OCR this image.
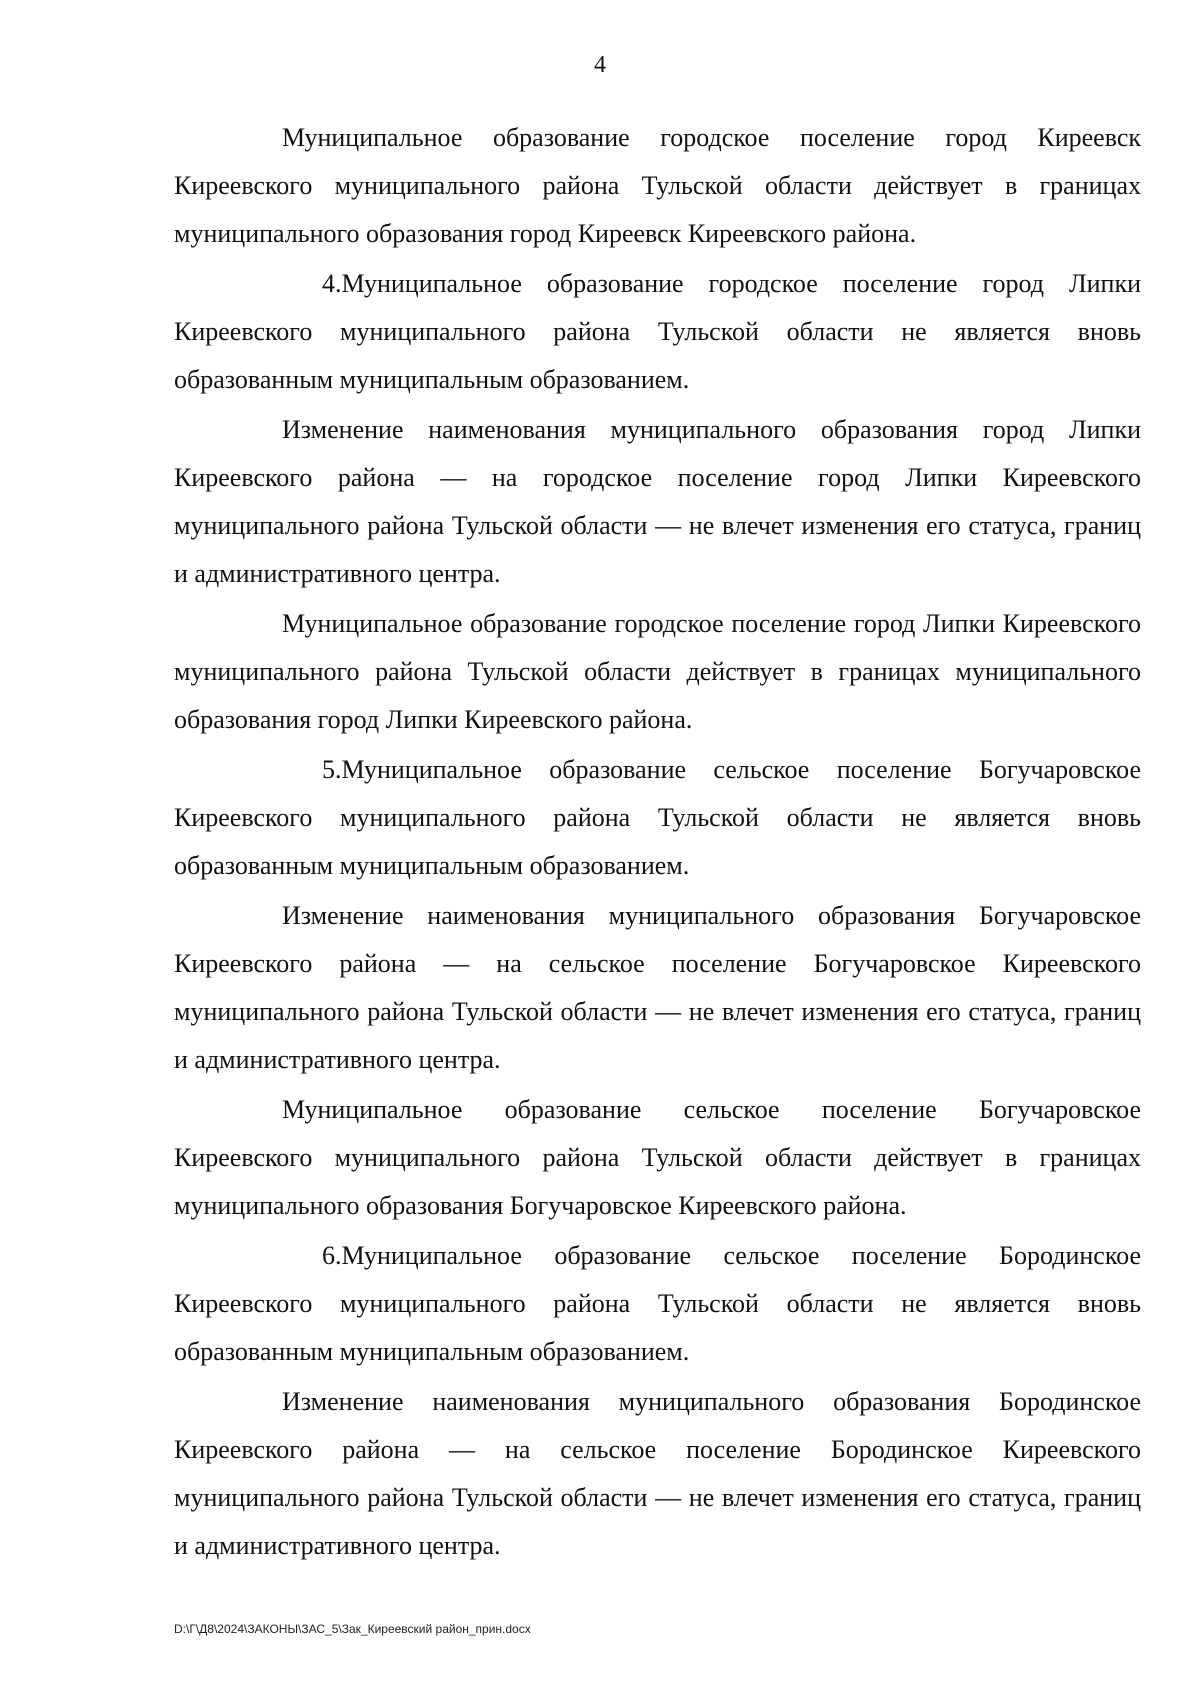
4

Муниципальное образование городское поселение город Киреевск Киреевского муниципального района Тульской области действует в границах муниципального образования город Киреевск Киреевского района.

4.Муниципальное образование городское поселение город Липки Киреевского муниципального района Тульской области не является вновь образованным муниципальным образованием.

Изменение наименования муниципального образования город Липки Киреевского района — на городское поселение город Липки Киреевского муниципального района Тульской области — не влечет изменения его статуса, границ и административного центра.

Муниципальное образование городское поселение город Липки Киреевского муниципального района Тульской области действует в границах муниципального образования город Липки Киреевского района.

5.Муниципальное образование сельское поселение Богучаровское Киреевского муниципального района Тульской области не является вновь образованным муниципальным образованием.

Изменение наименования муниципального образования Богучаровское Киреевского района — на сельское поселение Богучаровское Киреевского муниципального района Тульской области — не влечет изменения его статуса, границ и административного центра.

Муниципальное образование сельское поселение Богучаровское Киреевского муниципального района Тульской области действует в границах муниципального образования Богучаровское Киреевского района.

6.Муниципальное образование сельское поселение Бородинское Киреевского муниципального района Тульской области не является вновь образованным муниципальным образованием.

Изменение наименования муниципального образования Бородинское Киреевского района — на сельское поселение Бородинское Киреевского муниципального района Тульской области — не влечет изменения его статуса, границ и административного центра.

D:\Г\Д8\2024\ЗАКОНЫ\ЗАС_5\Зак_Киреевский район_прин.docx
